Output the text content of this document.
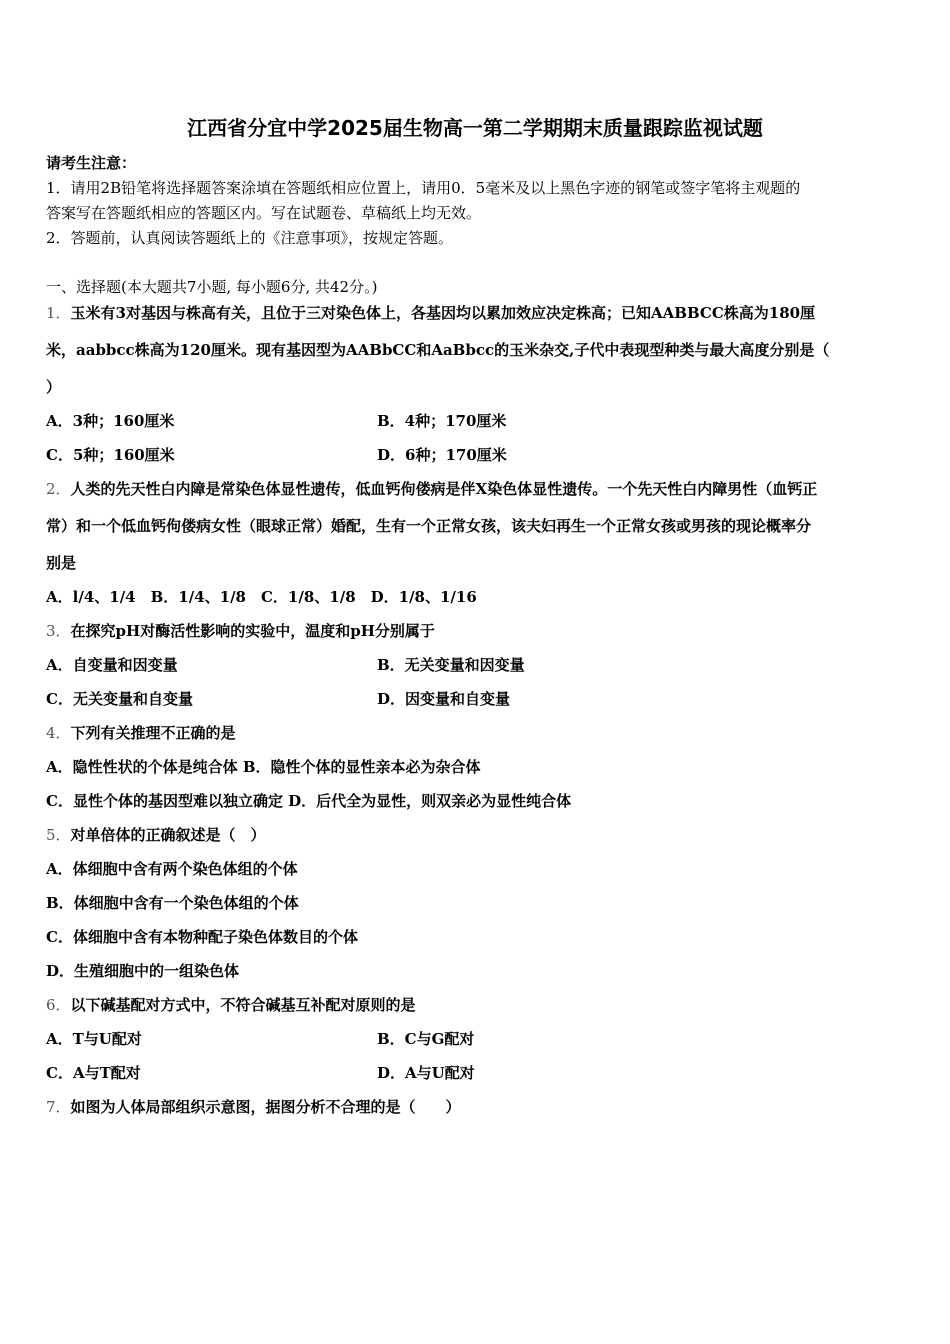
江西省分宜中学2025届生物高一第二学期期末质量跟踪监视试题
请考生注意：
1．请用2B铅笔将选择题答案涂填在答题纸相应位置上，请用0．5毫米及以上黑色字迹的钢笔或签字笔将主观题的
答案写在答题纸相应的答题区内。写在试题卷、草稿纸上均无效。
2．答题前，认真阅读答题纸上的《注意事项》，按规定答题。
一、选择题(本大题共7小题, 每小题6分, 共42分。)
1．玉米有3对基因与株高有关，且位于三对染色体上，各基因均以累加效应决定株高；已知AABBCC株高为180厘
米，aabbcc株高为120厘米。现有基因型为AABbCC和AaBbcc的玉米杂交,子代中表现型种类与最大高度分别是（
）
A．3种；160厘米	B．4种；170厘米
C．5种；160厘米	D．6种；170厘米
2．人类的先天性白内障是常染色体显性遗传，低血钙佝偻病是伴X染色体显性遗传。一个先天性白内障男性（血钙正
常）和一个低血钙佝偻病女性（眼球正常）婚配，生有一个正常女孩，该夫妇再生一个正常女孩或男孩的现论概率分
别是
A．l/4、1/4　B．1/4、1/8　C．1/8、1/8　D．1/8、1/16
3．在探究pH对酶活性影响的实验中，温度和pH分别属于
A．自变量和因变量	B．无关变量和因变量
C．无关变量和自变量	D．因变量和自变量
4．下列有关推理不正确的是
A．隐性性状的个体是纯合体 B．隐性个体的显性亲本必为杂合体
C．显性个体的基因型难以独立确定 D．后代全为显性，则双亲必为显性纯合体
5．对单倍体的正确叙述是（　）
A．体细胞中含有两个染色体组的个体
B．体细胞中含有一个染色体组的个体
C．体细胞中含有本物种配子染色体数目的个体
D．生殖细胞中的一组染色体
6．以下碱基配对方式中，不符合碱基互补配对原则的是
A．T与U配对	B．C与G配对
C．A与T配对	D．A与U配对
7．如图为人体局部组织示意图，据图分析不合理的是（　　）
